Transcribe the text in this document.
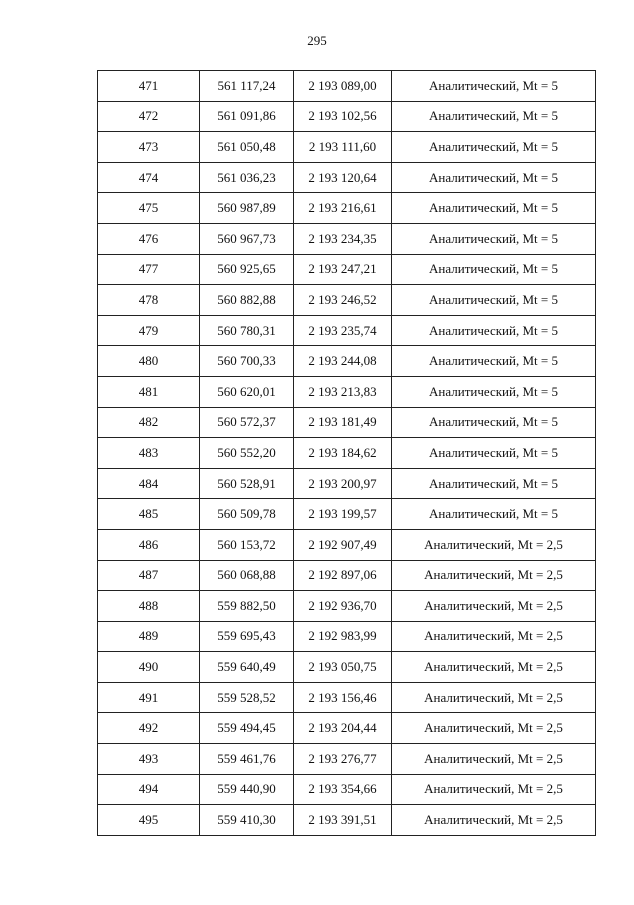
295
471	561 117,24	2 193 089,00	Аналитический, Mt = 5
472	561 091,86	2 193 102,56	Аналитический, Mt = 5
473	561 050,48	2 193 111,60	Аналитический, Mt = 5
474	561 036,23	2 193 120,64	Аналитический, Mt = 5
475	560 987,89	2 193 216,61	Аналитический, Mt = 5
476	560 967,73	2 193 234,35	Аналитический, Mt = 5
477	560 925,65	2 193 247,21	Аналитический, Mt = 5
478	560 882,88	2 193 246,52	Аналитический, Mt = 5
479	560 780,31	2 193 235,74	Аналитический, Mt = 5
480	560 700,33	2 193 244,08	Аналитический, Mt = 5
481	560 620,01	2 193 213,83	Аналитический, Mt = 5
482	560 572,37	2 193 181,49	Аналитический, Mt = 5
483	560 552,20	2 193 184,62	Аналитический, Mt = 5
484	560 528,91	2 193 200,97	Аналитический, Mt = 5
485	560 509,78	2 193 199,57	Аналитический, Mt = 5
486	560 153,72	2 192 907,49	Аналитический, Mt = 2,5
487	560 068,88	2 192 897,06	Аналитический, Mt = 2,5
488	559 882,50	2 192 936,70	Аналитический, Mt = 2,5
489	559 695,43	2 192 983,99	Аналитический, Mt = 2,5
490	559 640,49	2 193 050,75	Аналитический, Mt = 2,5
491	559 528,52	2 193 156,46	Аналитический, Mt = 2,5
492	559 494,45	2 193 204,44	Аналитический, Mt = 2,5
493	559 461,76	2 193 276,77	Аналитический, Mt = 2,5
494	559 440,90	2 193 354,66	Аналитический, Mt = 2,5
495	559 410,30	2 193 391,51	Аналитический, Mt = 2,5
